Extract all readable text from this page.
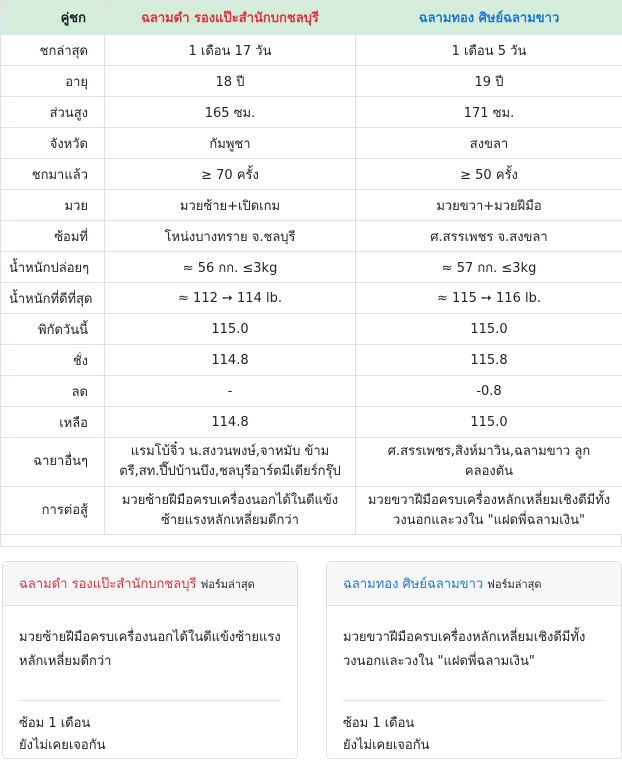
คู่ชก	ฉลามดำ รองแป๊ะสำนักบกชลบุรี	ฉลามทอง ศิษย์ฉลามขาว
ชกล่าสุด	1 เดือน 17 วัน	1 เดือน 5 วัน
อายุ	18 ปี	19 ปี
ส่วนสูง	165 ซม.	171 ซม.
จังหวัด	กัมพูชา	สงขลา
ชกมาแล้ว	≥ 70 ครั้ง	≥ 50 ครั้ง
มวย	มวยซ้าย+เปิดเกม	มวยขวา+มวยฝีมือ
ซ้อมที่	โหน่งบางทราย จ.ชลบุรี	ศ.สรรเพชร จ.สงขลา
น้ำหนักปล่อยๆ	≈ 56 กก. ≤3kg	≈ 57 กก. ≤3kg
น้ำหนักที่ดีที่สุด	≈ 112 ➙ 114 lb.	≈ 115 ➙ 116 lb.
พิกัดวันนี้	115.0	115.0
ชั่ง	114.8	115.8
ลด	-	-0.8
เหลือ	114.8	115.0
ฉายาอื่นๆ	แรมโบ้จิ๋ว น.สงวนพงษ์,จาหมับ ข้ามตรี,สท.ปึ๊ปบ้านบึง,ชลบุรีอาร์ตมีเดียร์กรุ๊ป	ศ.สรรเพชร,สิงห์มาวิน,ฉลามขาว ลูกคลองตัน
การต่อสู้	มวยซ้ายฝีมือครบเครื่องนอกได้ในดีแข้งซ้ายแรงหลักเหลี่ยมดีกว่า	มวยขวาฝีมือครบเครื่องหลักเหลี่ยมเชิงดีมีทั้งวงนอกและวงใน "แฝดพี่ฉลามเงิน"
ฉลามดำ รองแป๊ะสำนักบกชลบุรี ฟอร์มล่าสุด
มวยซ้ายฝีมือครบเครื่องนอกได้ในดีแข้งซ้ายแรงหลักเหลี่ยมดีกว่า
ซ้อม 1 เดือน
ยังไม่เคยเจอกัน
ฉลามทอง ศิษย์ฉลามขาว ฟอร์มล่าสุด
มวยขวาฝีมือครบเครื่องหลักเหลี่ยมเชิงดีมีทั้งวงนอกและวงใน "แฝดพี่ฉลามเงิน"
ซ้อม 1 เดือน
ยังไม่เคยเจอกัน
